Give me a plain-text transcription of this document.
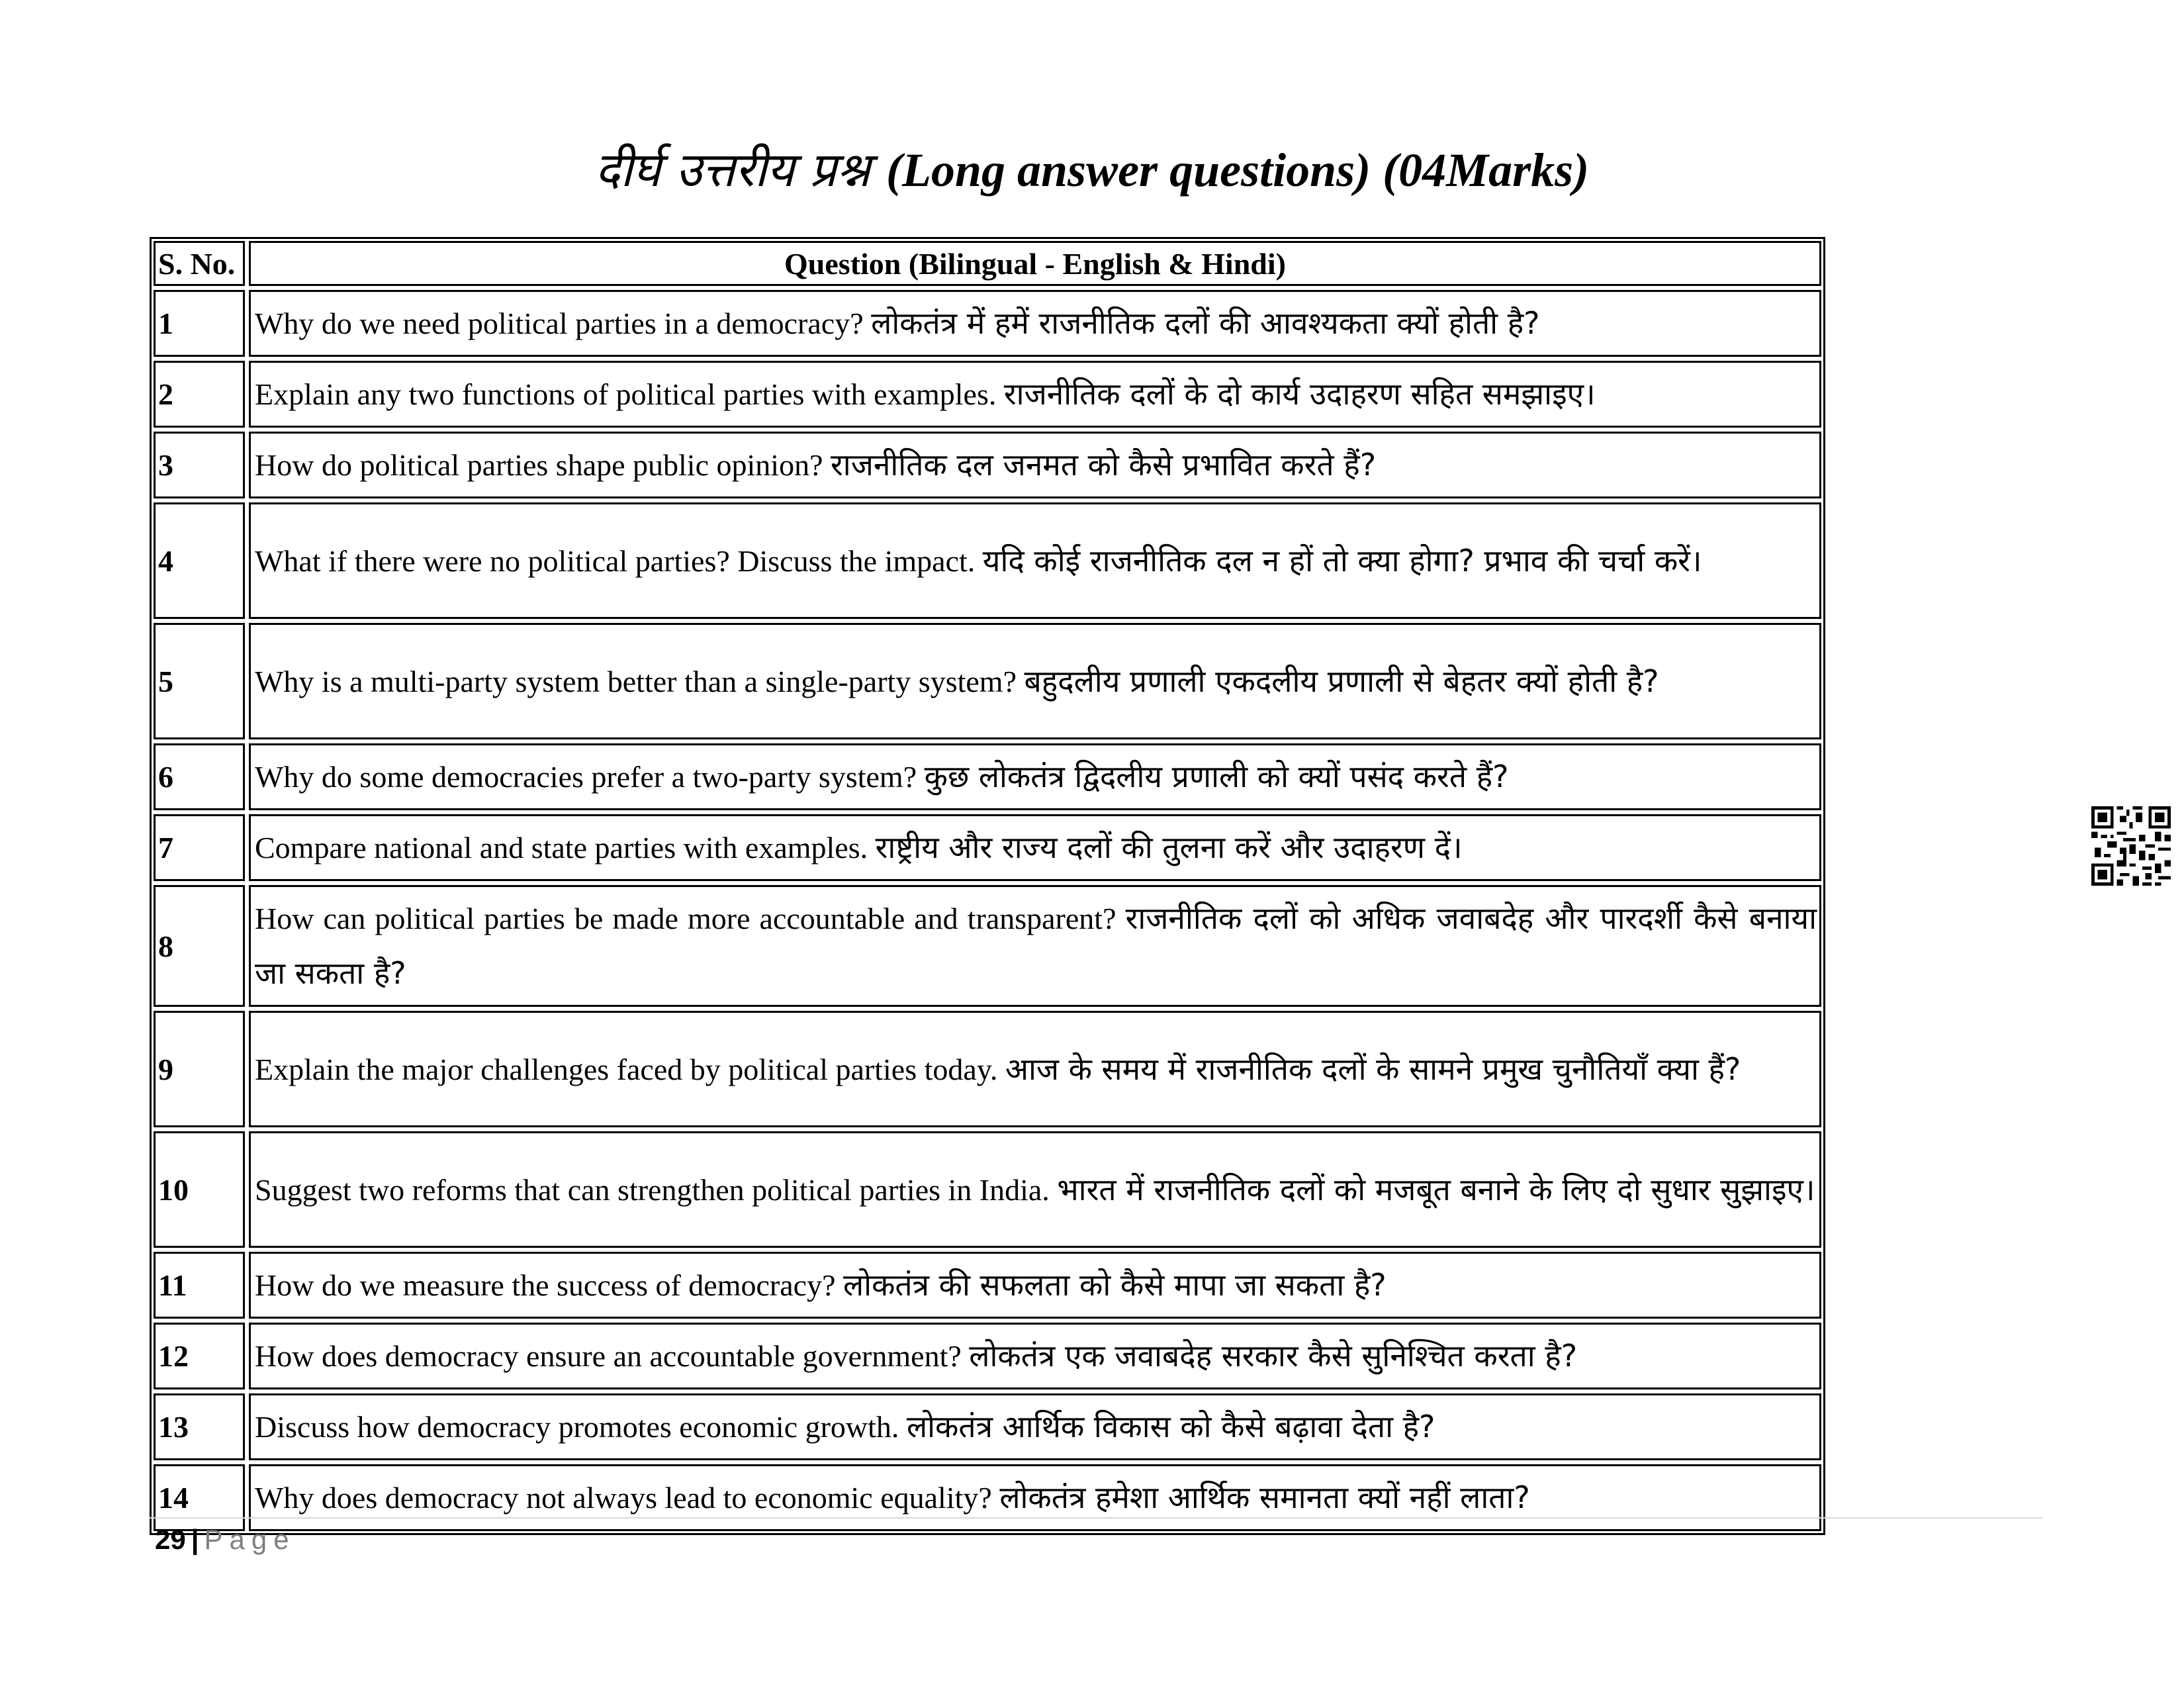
दीर्घ उत्तरीय प्रश्न (Long answer questions) (04Marks)
S. No.	Question (Bilingual - English & Hindi)
1	Why do we need political parties in a democracy? लोकतंत्र में हमें राजनीतिक दलों की आवश्यकता क्यों होती है?
2	Explain any two functions of political parties with examples. राजनीतिक दलों के दो कार्य उदाहरण सहित समझाइए।
3	How do political parties shape public opinion? राजनीतिक दल जनमत को कैसे प्रभावित करते हैं?
4	What if there were no political parties? Discuss the impact. यदि कोई राजनीतिक दल न हों तो क्या होगा? प्रभाव की चर्चा करें।
5	Why is a multi-party system better than a single-party system? बहुदलीय प्रणाली एकदलीय प्रणाली से बेहतर क्यों होती है?
6	Why do some democracies prefer a two-party system? कुछ लोकतंत्र द्विदलीय प्रणाली को क्यों पसंद करते हैं?
7	Compare national and state parties with examples. राष्ट्रीय और राज्य दलों की तुलना करें और उदाहरण दें।
8	How can political parties be made more accountable and transparent? राजनीतिक दलों को अधिक जवाबदेह और पारदर्शी कैसे बनाया जा सकता है?
9	Explain the major challenges faced by political parties today. आज के समय में राजनीतिक दलों के सामने प्रमुख चुनौतियाँ क्या हैं?
10	Suggest two reforms that can strengthen political parties in India. भारत में राजनीतिक दलों को मजबूत बनाने के लिए दो सुधार सुझाइए।
11	How do we measure the success of democracy? लोकतंत्र की सफलता को कैसे मापा जा सकता है?
12	How does democracy ensure an accountable government? लोकतंत्र एक जवाबदेह सरकार कैसे सुनिश्चित करता है?
13	Discuss how democracy promotes economic growth. लोकतंत्र आर्थिक विकास को कैसे बढ़ावा देता है?
14	Why does democracy not always lead to economic equality? लोकतंत्र हमेशा आर्थिक समानता क्यों नहीं लाता?
29 | Page
